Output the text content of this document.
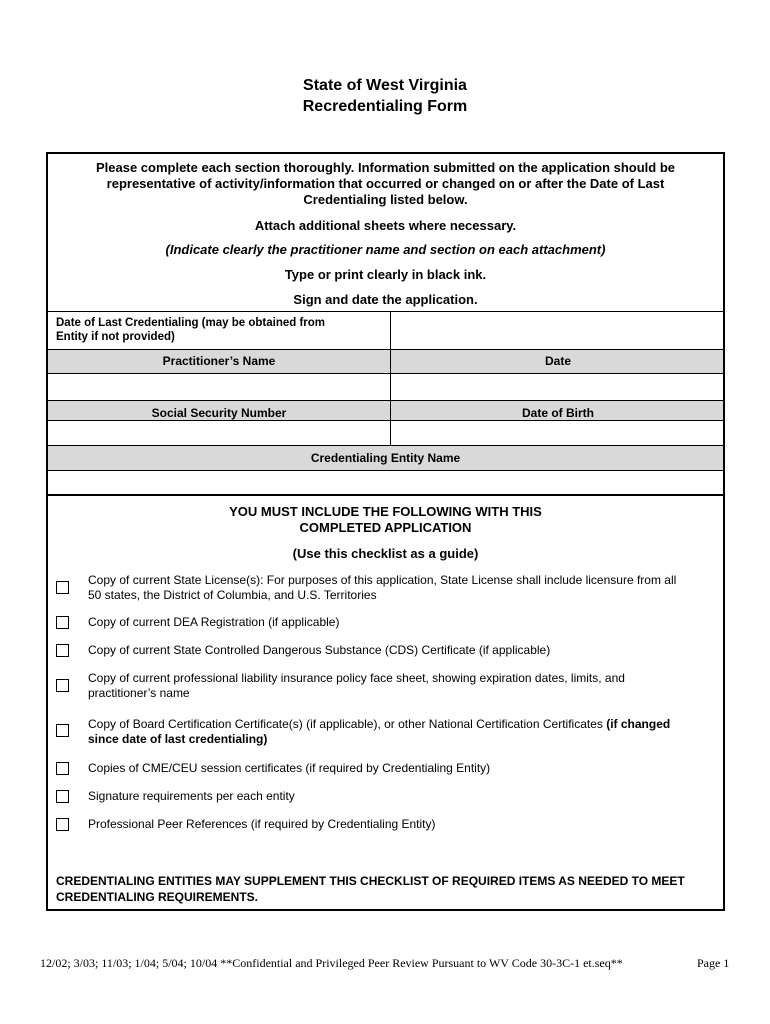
State of West Virginia
Recredentialing Form
Please complete each section thoroughly. Information submitted on the application should be
representative of activity/information that occurred or changed on or after the Date of Last
Credentialing listed below.
Attach additional sheets where necessary.
(Indicate clearly the practitioner name and section on each attachment)
Type or print clearly in black ink.
Sign and date the application.
Date of Last Credentialing (may be obtained from
Entity if not provided)
Practitioner’s Name	Date
Social Security Number	Date of Birth
Credentialing Entity Name
YOU MUST INCLUDE THE FOLLOWING WITH THIS
COMPLETED APPLICATION
(Use this checklist as a guide)
Copy of current State License(s): For purposes of this application, State License shall include licensure from all
50 states, the District of Columbia, and U.S. Territories
Copy of current DEA Registration (if applicable)
Copy of current State Controlled Dangerous Substance (CDS) Certificate (if applicable)
Copy of current professional liability insurance policy face sheet, showing expiration dates, limits, and
practitioner’s name
Copy of Board Certification Certificate(s) (if applicable), or other National Certification Certificates (if changed
since date of last credentialing)
Copies of CME/CEU session certificates (if required by Credentialing Entity)
Signature requirements per each entity
Professional Peer References (if required by Credentialing Entity)
CREDENTIALING ENTITIES MAY SUPPLEMENT THIS CHECKLIST OF REQUIRED ITEMS AS NEEDED TO MEET
CREDENTIALING REQUIREMENTS.
12/02; 3/03; 11/03; 1/04; 5/04; 10/04 **Confidential and Privileged Peer Review Pursuant to WV Code 30-3C-1 et.seq**	Page 1
